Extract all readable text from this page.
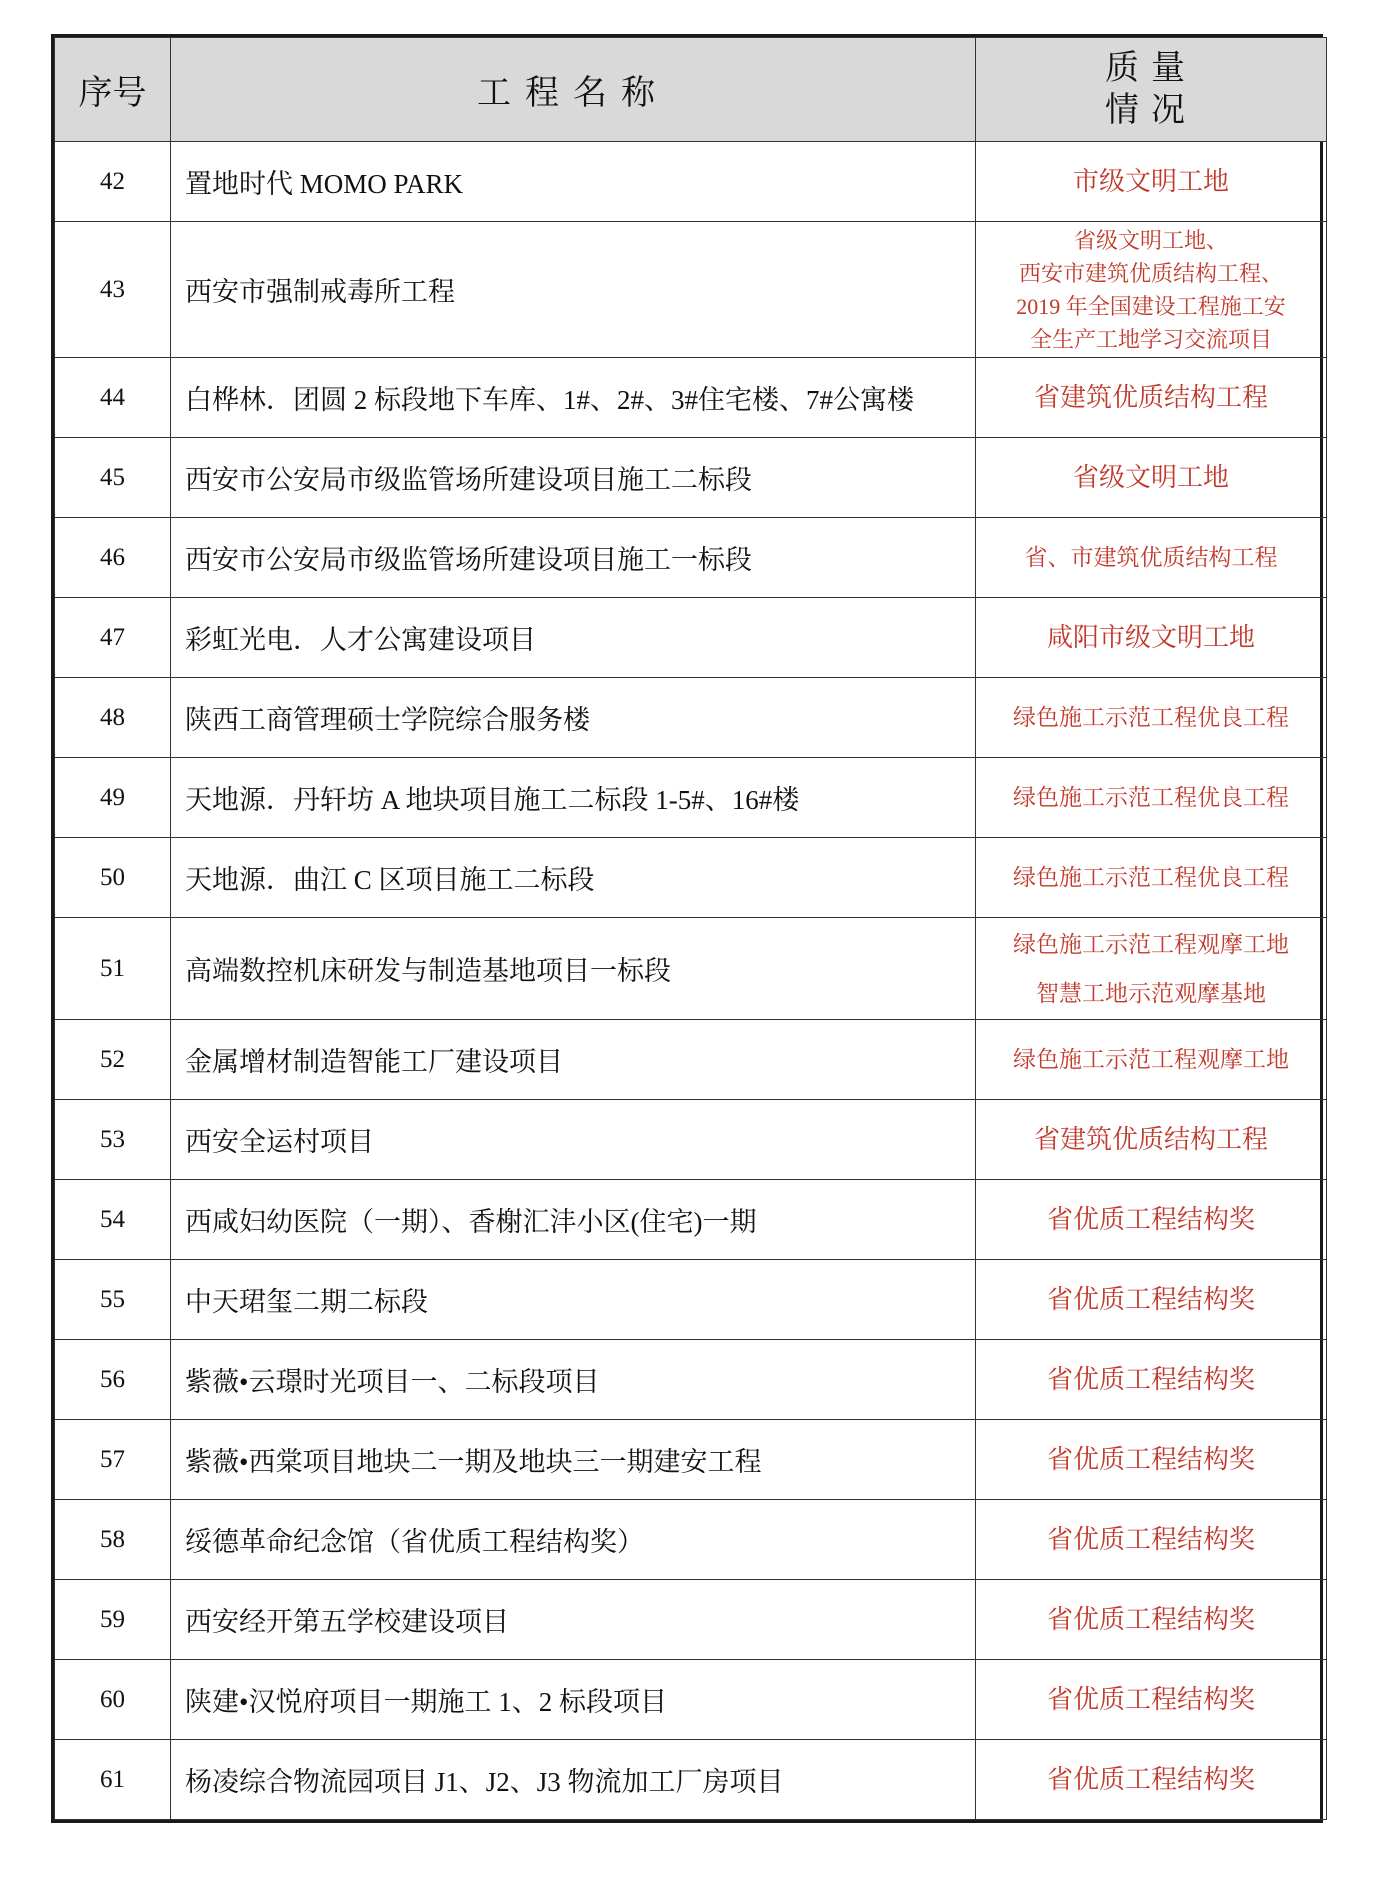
序号	工程名称	质量
情况

42	置地时代 MOMO PARK	市级文明工地

43	西安市强制戒毒所工程	省级文明工地、
西安市建筑优质结构工程、
2019 年全国建设工程施工安
全生产工地学习交流项目

44	白桦林．团圆 2 标段地下车库、1#、2#、3#住宅楼、7#公寓楼	省建筑优质结构工程

45	西安市公安局市级监管场所建设项目施工二标段	省级文明工地

46	西安市公安局市级监管场所建设项目施工一标段	省、市建筑优质结构工程

47	彩虹光电．人才公寓建设项目	咸阳市级文明工地

48	陕西工商管理硕士学院综合服务楼	绿色施工示范工程优良工程

49	天地源．丹轩坊 A 地块项目施工二标段 1-5#、16#楼	绿色施工示范工程优良工程

50	天地源．曲江 C 区项目施工二标段	绿色施工示范工程优良工程

51	高端数控机床研发与制造基地项目一标段	绿色施工示范工程观摩工地
智慧工地示范观摩基地

52	金属增材制造智能工厂建设项目	绿色施工示范工程观摩工地

53	西安全运村项目	省建筑优质结构工程

54	西咸妇幼医院（一期）、香榭汇沣小区(住宅)一期	省优质工程结构奖

55	中天珺玺二期二标段	省优质工程结构奖

56	紫薇•云璟时光项目一、二标段项目	省优质工程结构奖

57	紫薇•西棠项目地块二一期及地块三一期建安工程	省优质工程结构奖

58	绥德革命纪念馆（省优质工程结构奖）	省优质工程结构奖

59	西安经开第五学校建设项目	省优质工程结构奖

60	陕建•汉悦府项目一期施工 1、2 标段项目	省优质工程结构奖

61	杨凌综合物流园项目 J1、J2、J3 物流加工厂房项目	省优质工程结构奖
